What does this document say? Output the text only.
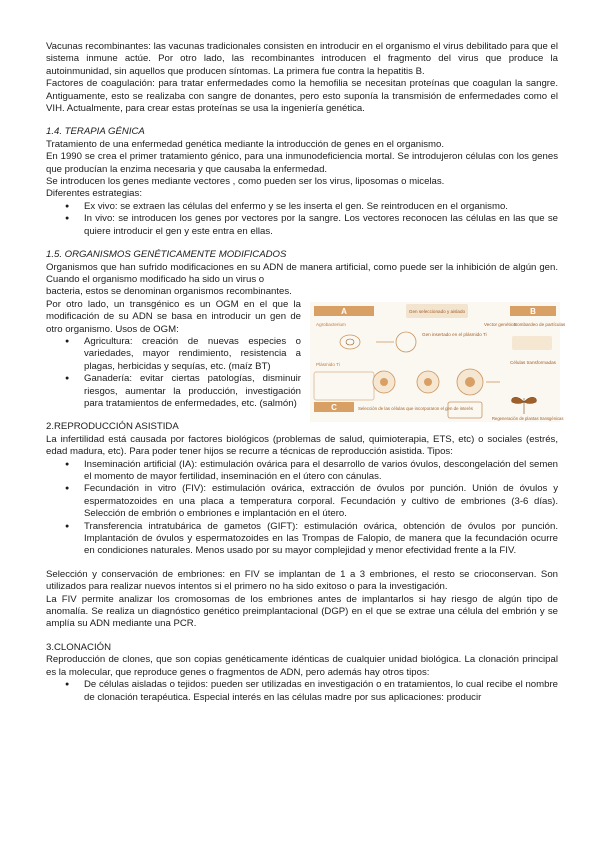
Vacunas recombinantes: las vacunas tradicionales consisten en introducir en el organismo el virus debilitado para que el sistema inmune actúe. Por otro lado, las recombinantes introducen el fragmento del virus que produce la autoinmunidad, sin aquellos que producen síntomas. La primera fue contra la hepatitis B.

Factores de coagulación: para tratar enfermedades como la hemofilia se necesitan proteínas que coagulan la sangre. Antiguamente, esto se realizaba con sangre de donantes, pero esto suponía la transmisión de enfermedades como el VIH. Actualmente, para crear estas proteínas se usa la ingeniería genética.

1.4. TERAPIA GÉNICA

Tratamiento de una enfermedad genética mediante la introducción de genes en el organismo.

En 1990 se crea el primer tratamiento génico, para una inmunodeficiencia mortal. Se introdujeron células con los genes que producían la enzima necesaria y que causaba la enfermedad.

Se introducen los genes mediante vectores , como pueden ser los virus, liposomas o micelas.

Diferentes estrategias:

● Ex vivo: se extraen las células del enfermo y se les inserta el gen. Se reintroducen en el organismo.
● In vivo: se introducen los genes por vectores por la sangre. Los vectores reconocen las células en las que se quiere introducir el gen y este entra en ellas.
1.5. ORGANISMOS GENÉTICAMENTE MODIFICADOS

Organismos que han sufrido modificaciones en su ADN de manera artificial, como puede ser la inhibición de algún gen. Cuando el organismo modificado ha sido un virus o

bacteria, estos se denominan organismos recombinantes.

Por otro lado, un transgénico es un OGM en el que la modificación de su ADN se basa en introducir un gen de otro organismo. Usos de OGM:

● Agricultura: creación de nuevas especies o variedades, mayor rendimiento, resistencia a plagas, herbicidas y sequías, etc. (maíz BT)
● Ganadería: evitar ciertas patologías, disminuir riesgos, aumentar la producción, investigación para tratamientos de enfermedades, etc. (salmón)
A
Agrobacterium
Plásmido Ti
Gen seleccionado y aislado
Gen insertado en el plásmido Ti
Vector genético
B
Bombardeo de partículas
Células transformadas
C	Selección de las células que incorporaron el gen de interés
Regeneración de plantas transgénicas
2.REPRODUCCIÓN ASISTIDA

La infertilidad está causada por factores biológicos (problemas de salud, quimioterapia, ETS, etc) o sociales (estrés, edad madura, etc). Para poder tener hijos se recurre a técnicas de reproducción asistida. Tipos:

● Inseminación artificial (IA): estimulación ovárica para el desarrollo de varios óvulos, descongelación del semen el momento de mayor fertilidad, inseminación en el útero con cánulas.
● Fecundación in vitro (FIV): estimulación ovárica, extracción de óvulos por punción. Unión de óvulos y espermatozoides en una placa a temperatura corporal. Fecundación y cultivo de embriones (3-6 días). Selección de embrión o embriones e implantación en el útero.
● Transferencia intratubárica de gametos (GIFT): estimulación ovárica, obtención de óvulos por punción. Implantación de óvulos y espermatozoides en las Trompas de Falopio, de manera que la fecundación ocurre en condiciones naturales. Menos usado por su mayor complejidad y menor efectividad frente a la FIV.

Selección y conservación de embriones: en FIV se implantan de 1 a 3 embriones, el resto se crioconservan. Son utilizados para realizar nuevos intentos si el primero no ha sido exitoso o para la investigación.

La FIV permite analizar los cromosomas de los embriones antes de implantarlos si hay riesgo de algún tipo de anomalía. Se realiza un diagnóstico genético preimplantacional (DGP) en el que se extrae una célula del embrión y se amplía su ADN mediante una PCR.

3.CLONACIÓN

Reproducción de clones, que son copias genéticamente idénticas de cualquier unidad biológica. La clonación principal es la molecular, que reproduce genes o fragmentos de ADN, pero además hay otros tipos:

● De células aisladas o tejidos: pueden ser utilizadas en investigación o en tratamientos, lo cual recibe el nombre de clonación terapéutica. Especial interés en las células madre por sus aplicaciones: producir
